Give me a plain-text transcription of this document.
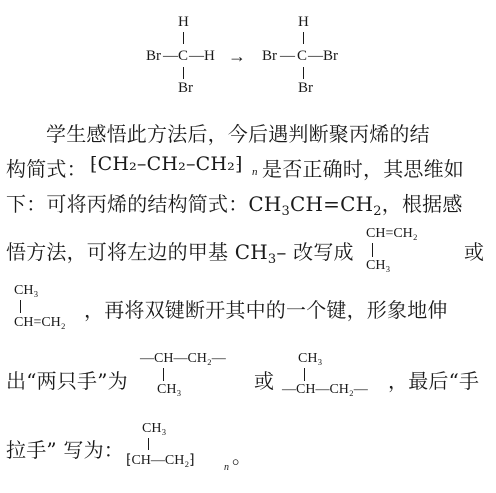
H
Br — C — H
Br
→
H
Br — C — Br
Br
学生感悟此方法后，今后遇判断聚丙烯的结
构简式： ⁅CH₂–CH₂–CH₂⁆ n 是否正确时，其思维如
下：可将丙烯的结构简式：$CH_3CH=CH_2$，根据感
悟方法，可将左边的甲基 $CH_3-$ 改写成
CH=CH₂
CH₃
或
CH₃
CH=CH₂
，再将双键断开其中的一个键，形象地伸
出“两只手”为
—CH—CH₂—
CH₃	或
CH₃
—CH—CH₂— ，最后“手
拉手” 写为：
CH₃
⁅CH—CH₂⁆	n 。
